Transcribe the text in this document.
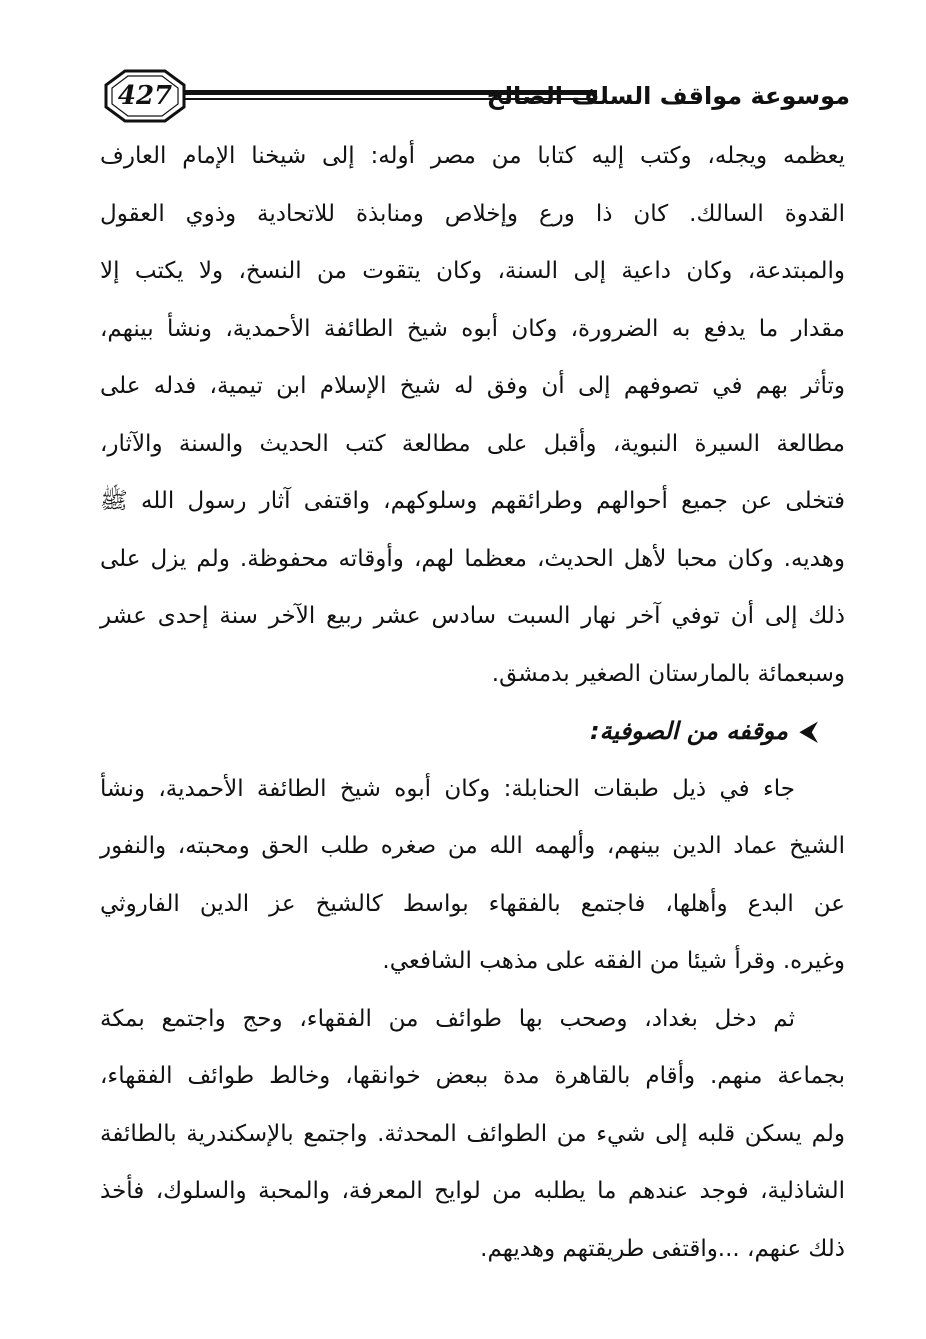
427	موسوعة مواقف السلف الصالح
يعظمه ويجله، وكتب إليه كتابا من مصر أوله: إلى شيخنا الإمام العارف
القدوة السالك. كان ذا ورع وإخلاص ومنابذة للاتحادية وذوي العقول
والمبتدعة، وكان داعية إلى السنة، وكان يتقوت من النسخ، ولا يكتب إلا
مقدار ما يدفع به الضرورة، وكان أبوه شيخ الطائفة الأحمدية، ونشأ بينهم،
وتأثر بهم في تصوفهم إلى أن وفق له شيخ الإسلام ابن تيمية، فدله على
مطالعة السيرة النبوية، وأقبل على مطالعة كتب الحديث والسنة والآثار،
فتخلى عن جميع أحوالهم وطرائقهم وسلوكهم، واقتفى آثار رسول الله ﷺ
وهديه. وكان محبا لأهل الحديث، معظما لهم، وأوقاته محفوظة. ولم يزل على
ذلك إلى أن توفي آخر نهار السبت سادس عشر ربيع الآخر سنة إحدى عشر
وسبعمائة بالمارستان الصغير بدمشق.
⮜موقفه من الصوفية:
جاء في ذيل طبقات الحنابلة: وكان أبوه شيخ الطائفة الأحمدية، ونشأ
الشيخ عماد الدين بينهم، وألهمه الله من صغره طلب الحق ومحبته، والنفور
عن البدع وأهلها، فاجتمع بالفقهاء بواسط كالشيخ عز الدين الفاروثي
وغيره. وقرأ شيئا من الفقه على مذهب الشافعي.
ثم دخل بغداد، وصحب بها طوائف من الفقهاء، وحج واجتمع بمكة
بجماعة منهم. وأقام بالقاهرة مدة ببعض خوانقها، وخالط طوائف الفقهاء،
ولم يسكن قلبه إلى شيء من الطوائف المحدثة. واجتمع بالإسكندرية بالطائفة
الشاذلية، فوجد عندهم ما يطلبه من لوايح المعرفة، والمحبة والسلوك، فأخذ
ذلك عنهم، ...واقتفى طريقتهم وهديهم.
